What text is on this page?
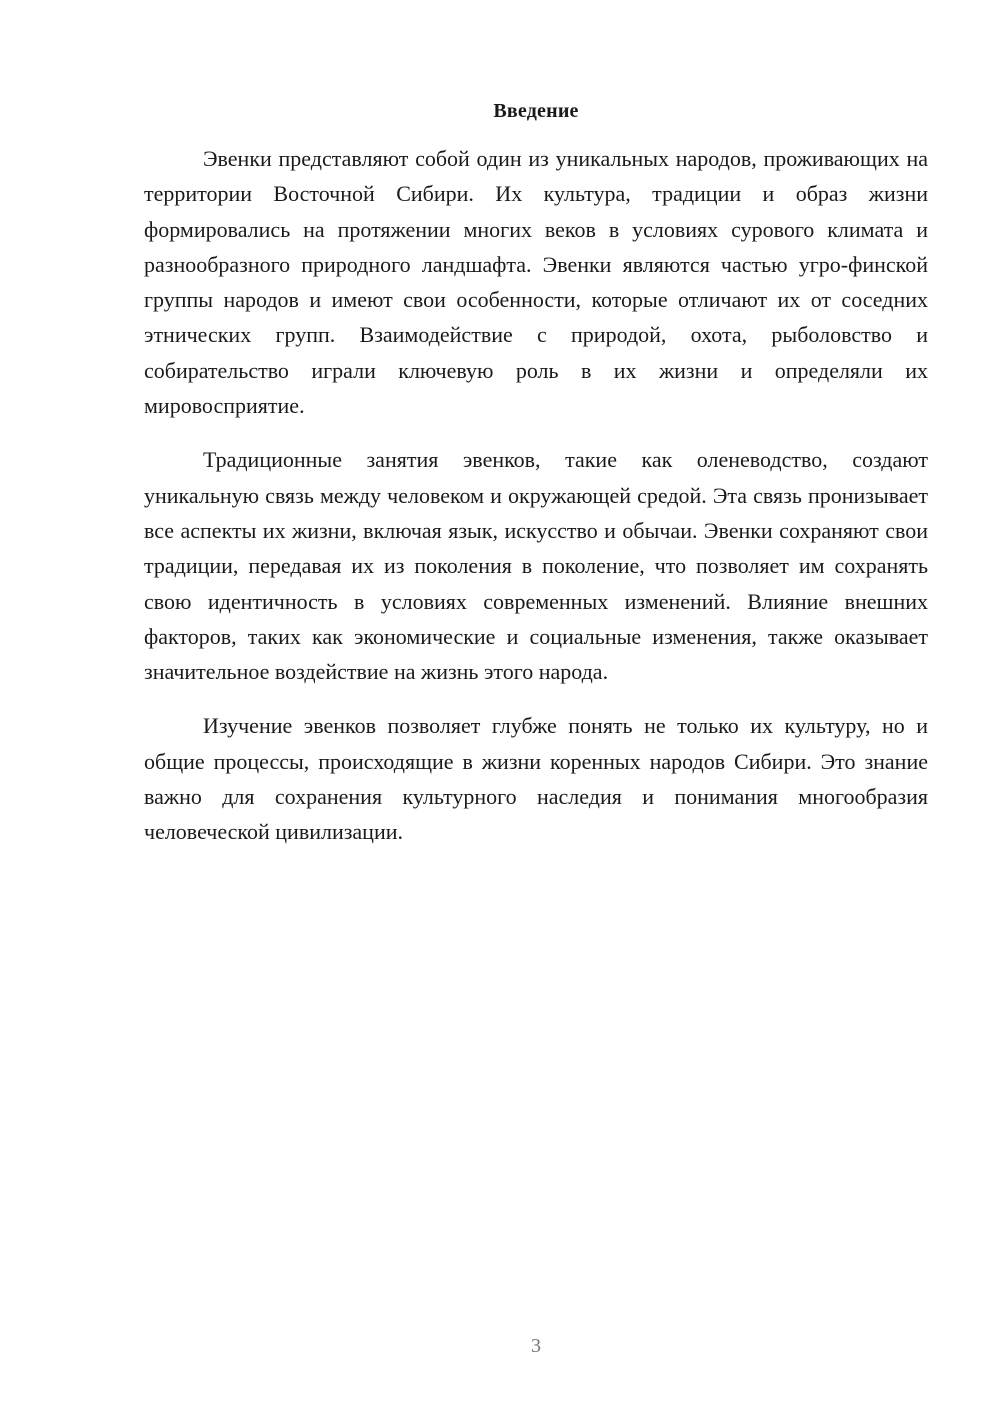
Введение

Эвенки представляют собой один из уникальных народов, проживающих на территории Восточной Сибири. Их культура, традиции и образ жизни формировались на протяжении многих веков в условиях сурового климата и разнообразного природного ландшафта. Эвенки являются частью угро-финской группы народов и имеют свои особенности, которые отличают их от соседних этнических групп. Взаимодействие с природой, охота, рыболовство и собирательство играли ключевую роль в их жизни и определяли их мировосприятие.

Традиционные занятия эвенков, такие как оленеводство, создают уникальную связь между человеком и окружающей средой. Эта связь пронизывает все аспекты их жизни, включая язык, искусство и обычаи. Эвенки сохраняют свои традиции, передавая их из поколения в поколение, что позволяет им сохранять свою идентичность в условиях современных изменений. Влияние внешних факторов, таких как экономические и социальные изменения, также оказывает значительное воздействие на жизнь этого народа.

Изучение эвенков позволяет глубже понять не только их культуру, но и общие процессы, происходящие в жизни коренных народов Сибири. Это знание важно для сохранения культурного наследия и понимания многообразия человеческой цивилизации.

3
